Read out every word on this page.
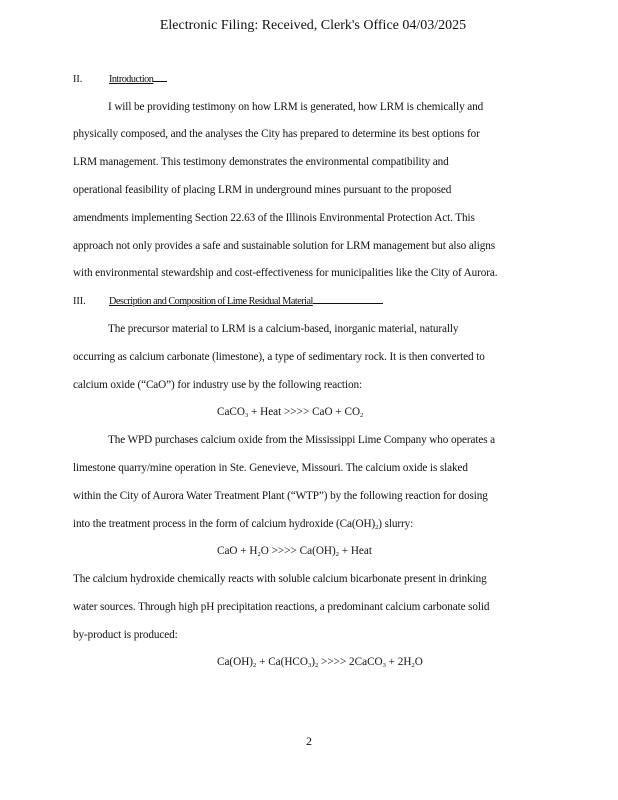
Electronic Filing: Received, Clerk's Office 04/03/2025
II.	Introduction
I will be providing testimony on how LRM is generated, how LRM is chemically and
physically composed, and the analyses the City has prepared to determine its best options for
LRM management. This testimony demonstrates the environmental compatibility and
operational feasibility of placing LRM in underground mines pursuant to the proposed
amendments implementing Section 22.63 of the Illinois Environmental Protection Act. This
approach not only provides a safe and sustainable solution for LRM management but also aligns
with environmental stewardship and cost-effectiveness for municipalities like the City of Aurora.
III. Description and Composition of Lime Residual Material
The precursor material to LRM is a calcium-based, inorganic material, naturally
occurring as calcium carbonate (limestone), a type of sedimentary rock. It is then converted to
calcium oxide (“CaO”) for industry use by the following reaction:
CaCO$_3$ + Heat >>>> CaO + $CO_2$
The WPD purchases calcium oxide from the Mississippi Lime Company who operates a
limestone quarry/mine operation in Ste. Genevieve, Missouri. The calcium oxide is slaked
within the City of Aurora Water Treatment Plant (“WTP”) by the following reaction for dosing
into the treatment process in the form of calcium hydroxide $(Ca(OH)_2)$ slurry:
CaO + $H_2O$ >>>> $Ca(OH)_2$ + Heat
The calcium hydroxide chemically reacts with soluble calcium bicarbonate present in drinking
water sources. Through high pH precipitation reactions, a predominant calcium carbonate solid
by-product is produced:
$Ca(OH)_2 + Ca(HCO_3)_2$ >>>> 2CaCO$_3$ + $2H_2O$
2
